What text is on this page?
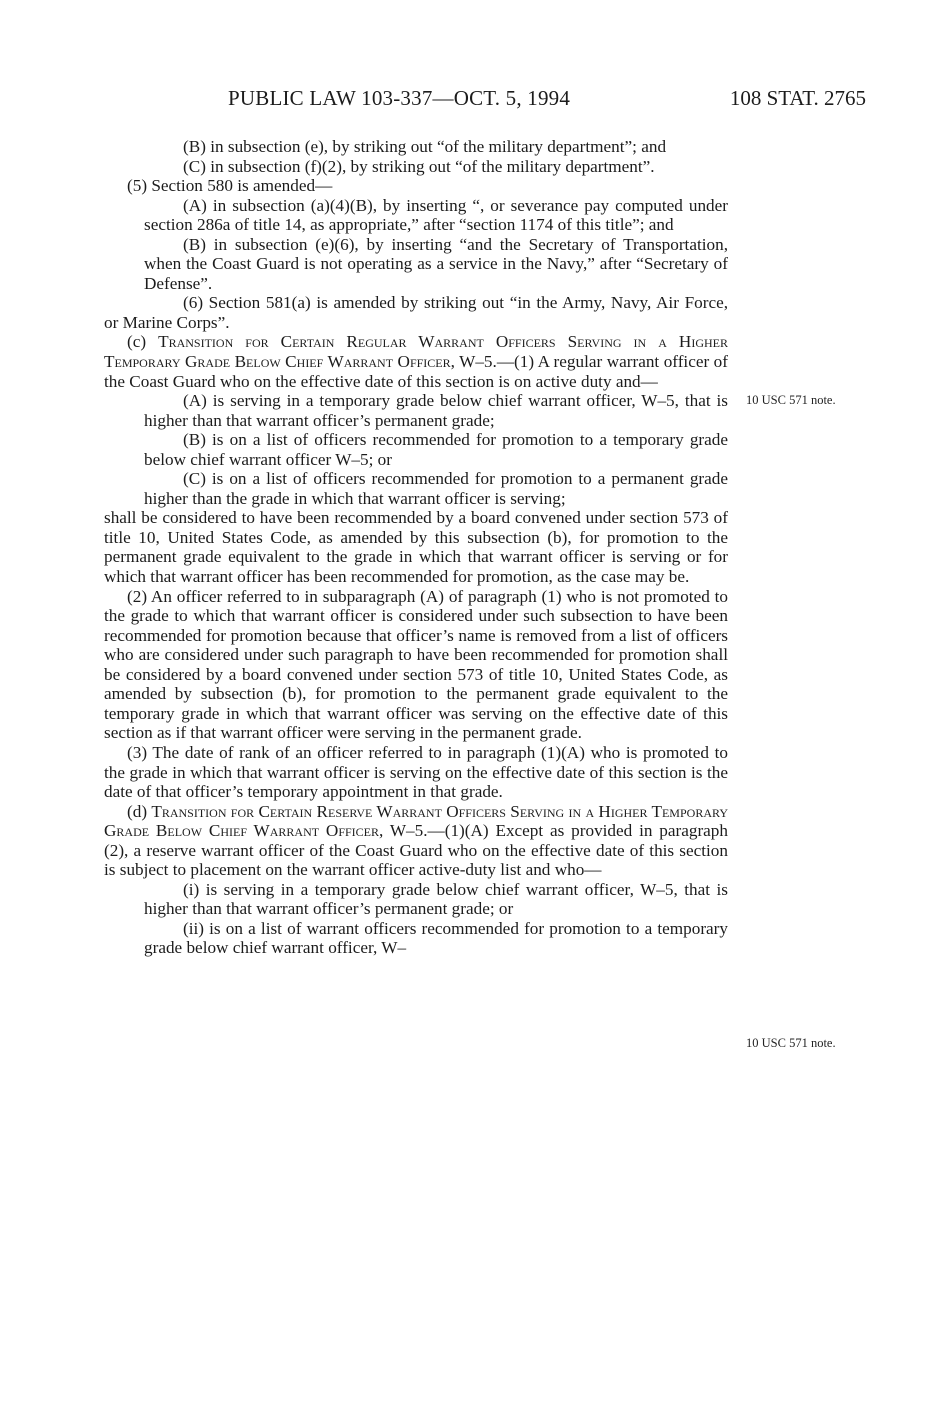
PUBLIC LAW 103-337—OCT. 5, 1994	108 STAT. 2765
10 USC 571 note.
10 USC 571 note.

(B) in subsection (e), by striking out “of the military department”; and

(C) in subsection (f)(2), by striking out “of the military department”.

(5) Section 580 is amended—

(A) in subsection (a)(4)(B), by inserting “, or severance pay computed under section 286a of title 14, as appropriate,” after “section 1174 of this title”; and

(B) in subsection (e)(6), by inserting “and the Secretary of Transportation, when the Coast Guard is not operating as a service in the Navy,” after “Secretary of Defense”.

(6) Section 581(a) is amended by striking out “in the Army, Navy, Air Force, or Marine Corps”.

(c) Transition for Certain Regular Warrant Officers Serving in a Higher Temporary Grade Below Chief Warrant Officer, W–5.—(1) A regular warrant officer of the Coast Guard who on the effective date of this section is on active duty and—

(A) is serving in a temporary grade below chief warrant officer, W–5, that is higher than that warrant officer’s permanent grade;

(B) is on a list of officers recommended for promotion to a temporary grade below chief warrant officer W–5; or

(C) is on a list of officers recommended for promotion to a permanent grade higher than the grade in which that warrant officer is serving;

shall be considered to have been recommended by a board convened under section 573 of title 10, United States Code, as amended by this subsection (b), for promotion to the permanent grade equivalent to the grade in which that warrant officer is serving or for which that warrant officer has been recommended for promotion, as the case may be.

(2) An officer referred to in subparagraph (A) of paragraph (1) who is not promoted to the grade to which that warrant officer is considered under such subsection to have been recommended for promotion because that officer’s name is removed from a list of officers who are considered under such paragraph to have been recommended for promotion shall be considered by a board convened under section 573 of title 10, United States Code, as amended by subsection (b), for promotion to the permanent grade equivalent to the temporary grade in which that warrant officer was serving on the effective date of this section as if that warrant officer were serving in the permanent grade.

(3) The date of rank of an officer referred to in paragraph (1)(A) who is promoted to the grade in which that warrant officer is serving on the effective date of this section is the date of that officer’s temporary appointment in that grade.

(d) Transition for Certain Reserve Warrant Officers Serving in a Higher Temporary Grade Below Chief Warrant Officer, W–5.—(1)(A) Except as provided in paragraph (2), a reserve warrant officer of the Coast Guard who on the effective date of this section is subject to placement on the warrant officer active-duty list and who—

(i) is serving in a temporary grade below chief warrant officer, W–5, that is higher than that warrant officer’s permanent grade; or

(ii) is on a list of warrant officers recommended for promotion to a temporary grade below chief warrant officer, W–
